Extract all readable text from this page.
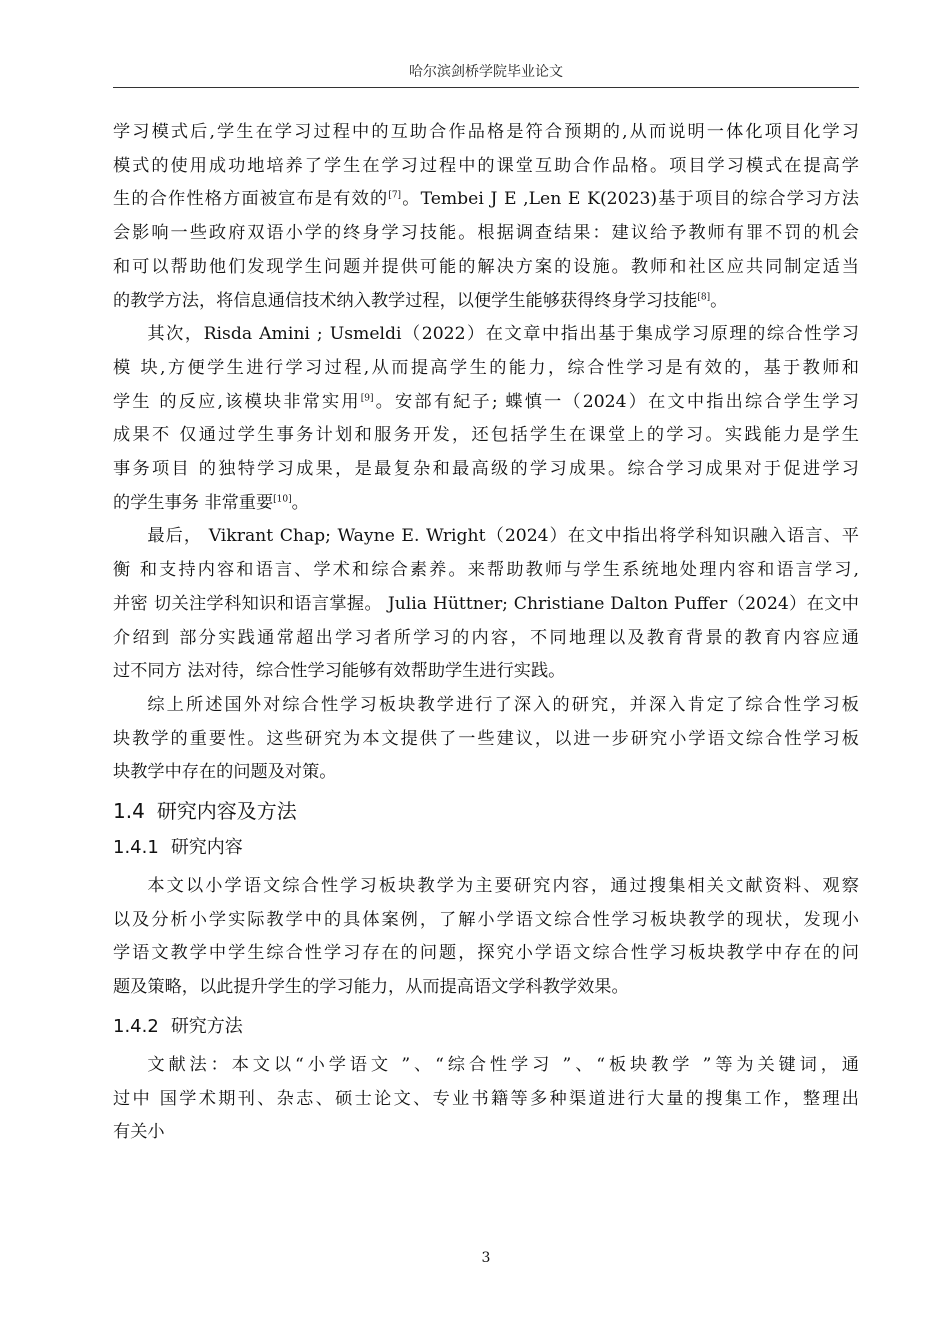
哈尔滨剑桥学院毕业论文

学习模式后,学生在学习过程中的互助合作品格是符合预期的,从而说明一体化项目化学习
模式的使用成功地培养了学生在学习过程中的课堂互助合作品格。项目学习模式在提高学
生的合作性格方面被宣布是有效的[7]。Tembei J E ,Len E K(2023)基于项目的综合学习方法
会影响一些政府双语小学的终身学习技能。根据调查结果：建议给予教师有罪不罚的机会
和可以帮助他们发现学生问题并提供可能的解决方案的设施。教师和社区应共同制定适当
的教学方法，将信息通信技术纳入教学过程，以便学生能够获得终身学习技能[8]。

其次，Risda Amini ; Usmeldi（2022）在文章中指出基于集成学习原理的综合性学习
模 块,方便学生进行学习过程,从而提高学生的能力，综合性学习是有效的，基于教师和
学生 的反应,该模块非常实用[9]。安部有紀子; 蝶慎一（2024）在文中指出综合学生学习
成果不 仅通过学生事务计划和服务开发，还包括学生在课堂上的学习。实践能力是学生
事务项目 的独特学习成果，是最复杂和最高级的学习成果。综合学习成果对于促进学习
的学生事务 非常重要[10]。

最后， Vikrant Chap; Wayne E. Wright（2024）在文中指出将学科知识融入语言、平
衡 和支持内容和语言、学术和综合素养。来帮助教师与学生系统地处理内容和语言学习,
并密 切关注学科知识和语言掌握。 Julia Hüttner; Christiane Dalton Puffer（2024）在文中
介绍到 部分实践通常超出学习者所学习的内容，不同地理以及教育背景的教育内容应通
过不同方 法对待，综合性学习能够有效帮助学生进行实践。

综上所述国外对综合性学习板块教学进行了深入的研究，并深入肯定了综合性学习板
块教学的重要性。这些研究为本文提供了一些建议，以进一步研究小学语文综合性学习板
块教学中存在的问题及对策。

1.4 研究内容及方法
1.4.1 研究内容

本文以小学语文综合性学习板块教学为主要研究内容，通过搜集相关文献资料、观察
以及分析小学实际教学中的具体案例，了解小学语文综合性学习板块教学的现状，发现小
学语文教学中学生综合性学习存在的问题，探究小学语文综合性学习板块教学中存在的问
题及策略，以此提升学生的学习能力，从而提高语文学科教学效果。

1.4.2 研究方法

文献法：本文以“小学语文 ”、“综合性学习 ”、“板块教学 ”等为关键词，通
过中 国学术期刊、杂志、硕士论文、专业书籍等多种渠道进行大量的搜集工作，整理出
有关小

3
